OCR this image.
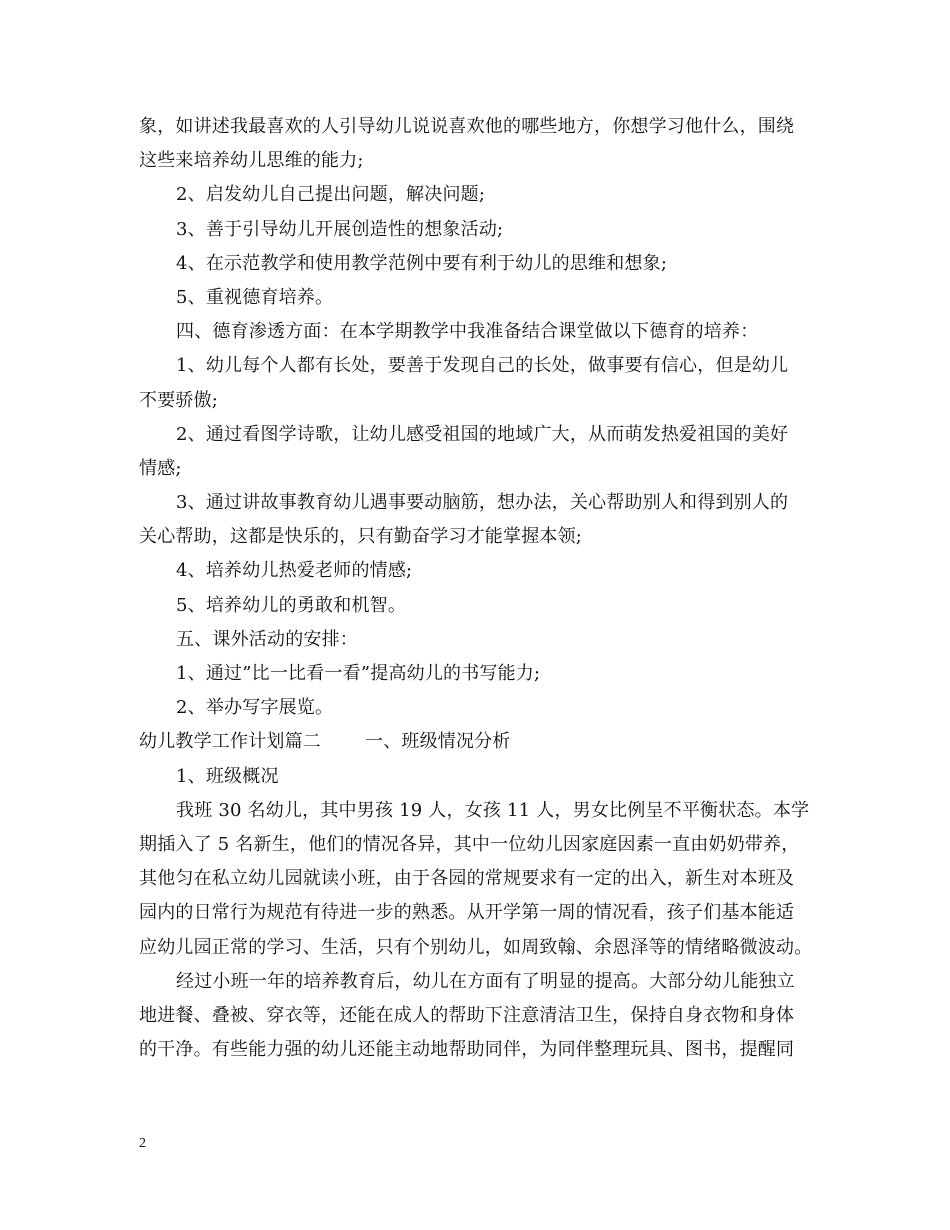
象，如讲述我最喜欢的人引导幼儿说说喜欢他的哪些地方，你想学习他什么，围绕
这些来培养幼儿思维的能力;
2、启发幼儿自己提出问题，解决问题;
3、善于引导幼儿开展创造性的想象活动;
4、在示范教学和使用教学范例中要有利于幼儿的思维和想象;
5、重视德育培养。
四、德育渗透方面：在本学期教学中我准备结合课堂做以下德育的培养：
1、幼儿每个人都有长处，要善于发现自己的长处，做事要有信心，但是幼儿
不要骄傲;
2、通过看图学诗歌，让幼儿感受祖国的地域广大，从而萌发热爱祖国的美好
情感;
3、通过讲故事教育幼儿遇事要动脑筋，想办法，关心帮助别人和得到别人的
关心帮助，这都是快乐的，只有勤奋学习才能掌握本领;
4、培养幼儿热爱老师的情感;
5、培养幼儿的勇敢和机智。
五、课外活动的安排：
1、通过”比一比看一看”提高幼儿的书写能力;
2、举办写字展览。
幼儿教学工作计划篇二 一、班级情况分析
1、班级概况
我班 30 名幼儿，其中男孩 19 人，女孩 11 人，男女比例呈不平衡状态。本学
期插入了 5 名新生，他们的情况各异，其中一位幼儿因家庭因素一直由奶奶带养，
其他匀在私立幼儿园就读小班，由于各园的常规要求有一定的出入，新生对本班及
园内的日常行为规范有待进一步的熟悉。从开学第一周的情况看，孩子们基本能适
应幼儿园正常的学习、生活，只有个别幼儿，如周致翰、余恩泽等的情绪略微波动。
经过小班一年的培养教育后，幼儿在方面有了明显的提高。大部分幼儿能独立
地进餐、叠被、穿衣等，还能在成人的帮助下注意清洁卫生，保持自身衣物和身体
的干净。有些能力强的幼儿还能主动地帮助同伴，为同伴整理玩具、图书，提醒同
2
